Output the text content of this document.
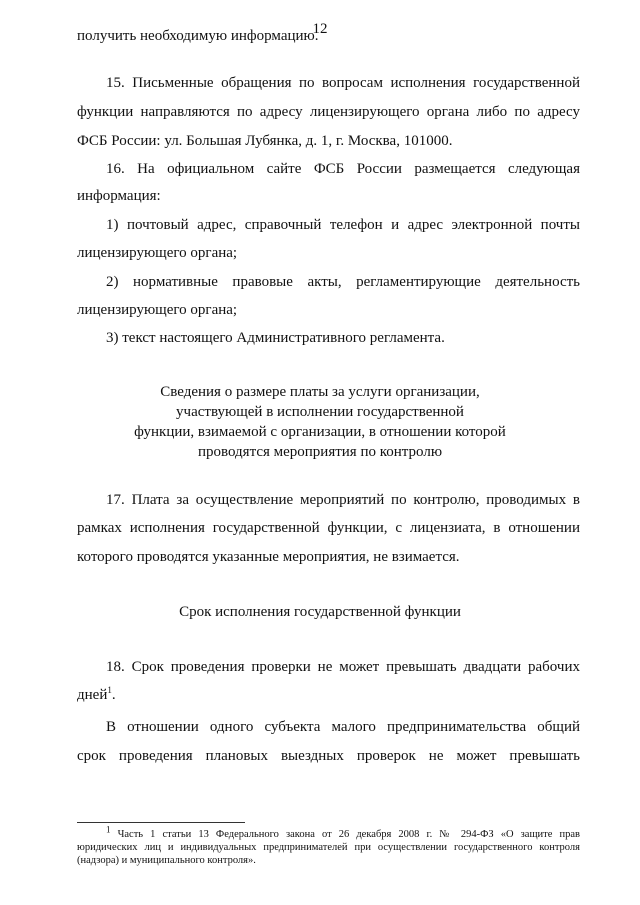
12
получить необходимую информацию.
15. Письменные обращения по вопросам исполнения государственной
функции направляются по адресу лицензирующего органа либо по адресу
ФСБ России: ул. Большая Лубянка, д. 1, г. Москва, 101000.
16. На официальном сайте ФСБ России размещается следующая
информация:
1) почтовый адрес, справочный телефон и адрес электронной почты
лицензирующего органа;
2) нормативные правовые акты, регламентирующие деятельность
лицензирующего органа;
3) текст настоящего Административного регламента.
Сведения о размере платы за услуги организации,
участвующей в исполнении государственной
функции, взимаемой с организации, в отношении которой
проводятся мероприятия по контролю
17. Плата за осуществление мероприятий по контролю, проводимых в
рамках исполнения государственной функции, с лицензиата, в отношении
которого проводятся указанные мероприятия, не взимается.
Срок исполнения государственной функции
18. Срок проведения проверки не может превышать двадцати рабочих
дней$^1$.
В отношении одного субъекта малого предпринимательства общий
срок проведения плановых выездных проверок не может превышать
$^1$ Часть 1 статьи 13 Федерального закона от 26 декабря 2008 г. № 294-ФЗ «О защите прав
юридических лиц и индивидуальных предпринимателей при осуществлении государственного контроля
(надзора) и муниципального контроля».
